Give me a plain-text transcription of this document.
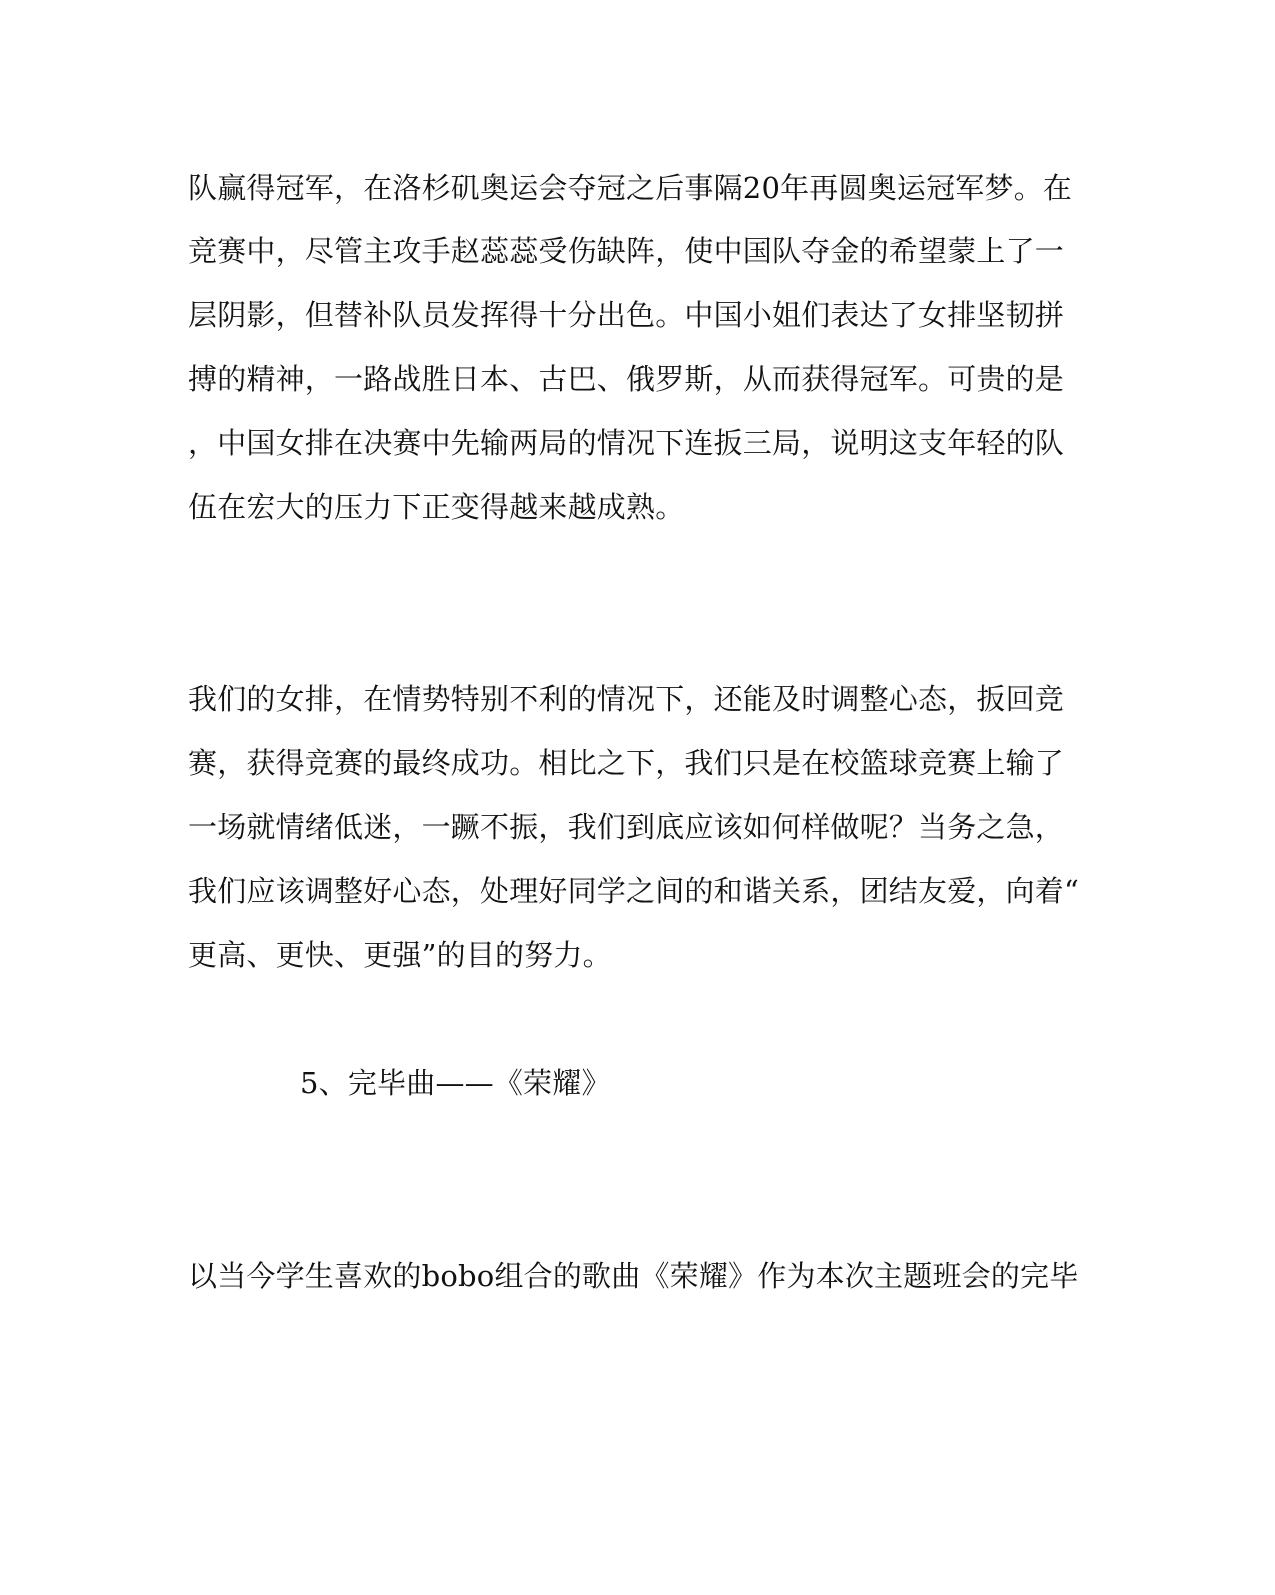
队赢得冠军，在洛杉矶奥运会夺冠之后事隔20年再圆奥运冠军梦。在
竞赛中，尽管主攻手赵蕊蕊受伤缺阵，使中国队夺金的希望蒙上了一
层阴影，但替补队员发挥得十分出色。中国小姐们表达了女排坚韧拼
搏的精神，一路战胜日本、古巴、俄罗斯，从而获得冠军。可贵的是
，中国女排在决赛中先输两局的情况下连扳三局，说明这支年轻的队
伍在宏大的压力下正变得越来越成熟。
我们的女排，在情势特别不利的情况下，还能及时调整心态，扳回竞
赛，获得竞赛的最终成功。相比之下，我们只是在校篮球竞赛上输了
一场就情绪低迷，一蹶不振，我们到底应该如何样做呢？当务之急，
我们应该调整好心态，处理好同学之间的和谐关系，团结友爱，向着“
更高、更快、更强”的目的努力。
5、完毕曲——《荣耀》
以当今学生喜欢的bobo组合的歌曲《荣耀》作为本次主题班会的完毕
